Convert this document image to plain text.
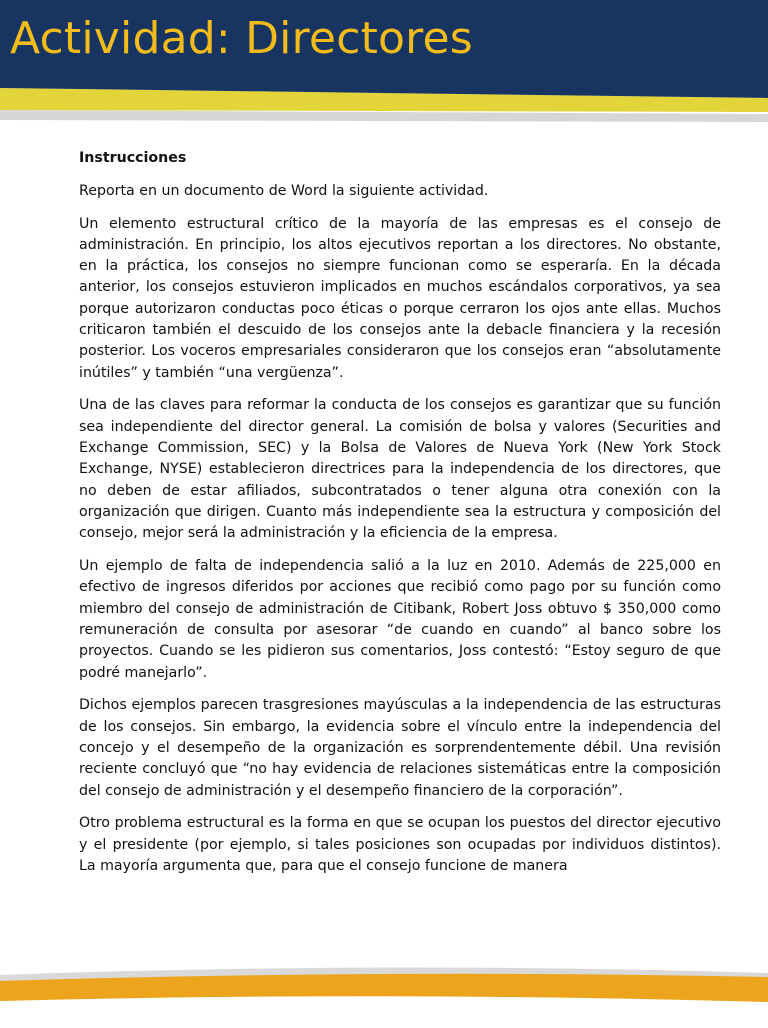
Actividad: Directores

Instrucciones

Reporta en un documento de Word la siguiente actividad.

Un elemento estructural crítico de la mayoría de las empresas es el consejo de administración. En principio, los altos ejecutivos reportan a los directores. No obstante, en la práctica, los consejos no siempre funcionan como se esperaría. En la década anterior, los consejos estuvieron implicados en muchos escándalos corporativos, ya sea porque autorizaron conductas poco éticas o porque cerraron los ojos ante ellas. Muchos criticaron también el descuido de los consejos ante la debacle financiera y la recesión posterior. Los voceros empresariales consideraron que los consejos eran “absolutamente inútiles” y también “una vergüenza”.

Una de las claves para reformar la conducta de los consejos es garantizar que su función sea independiente del director general. La comisión de bolsa y valores (Securities and Exchange Commission, SEC) y la Bolsa de Valores de Nueva York (New York Stock Exchange, NYSE) establecieron directrices para la independencia de los directores, que no deben de estar afiliados, subcontratados o tener alguna otra conexión con la organización que dirigen. Cuanto más independiente sea la estructura y composición del consejo, mejor será la administración y la eficiencia de la empresa.

Un ejemplo de falta de independencia salió a la luz en 2010. Además de 225,000 en efectivo de ingresos diferidos por acciones que recibió como pago por su función como miembro del consejo de administración de Citibank, Robert Joss obtuvo $ 350,000 como remuneración de consulta por asesorar “de cuando en cuando” al banco sobre los proyectos. Cuando se les pidieron sus comentarios, Joss contestó: “Estoy seguro de que podré manejarlo”.

Dichos ejemplos parecen trasgresiones mayúsculas a la independencia de las estructuras de los consejos. Sin embargo, la evidencia sobre el vínculo entre la independencia del concejo y el desempeño de la organización es sorprendentemente débil. Una revisión reciente concluyó que “no hay evidencia de relaciones sistemáticas entre la composición del consejo de administración y el desempeño financiero de la corporación”.

Otro problema estructural es la forma en que se ocupan los puestos del director ejecutivo y el presidente (por ejemplo, si tales posiciones son ocupadas por individuos distintos). La mayoría argumenta que, para que el consejo funcione de manera
